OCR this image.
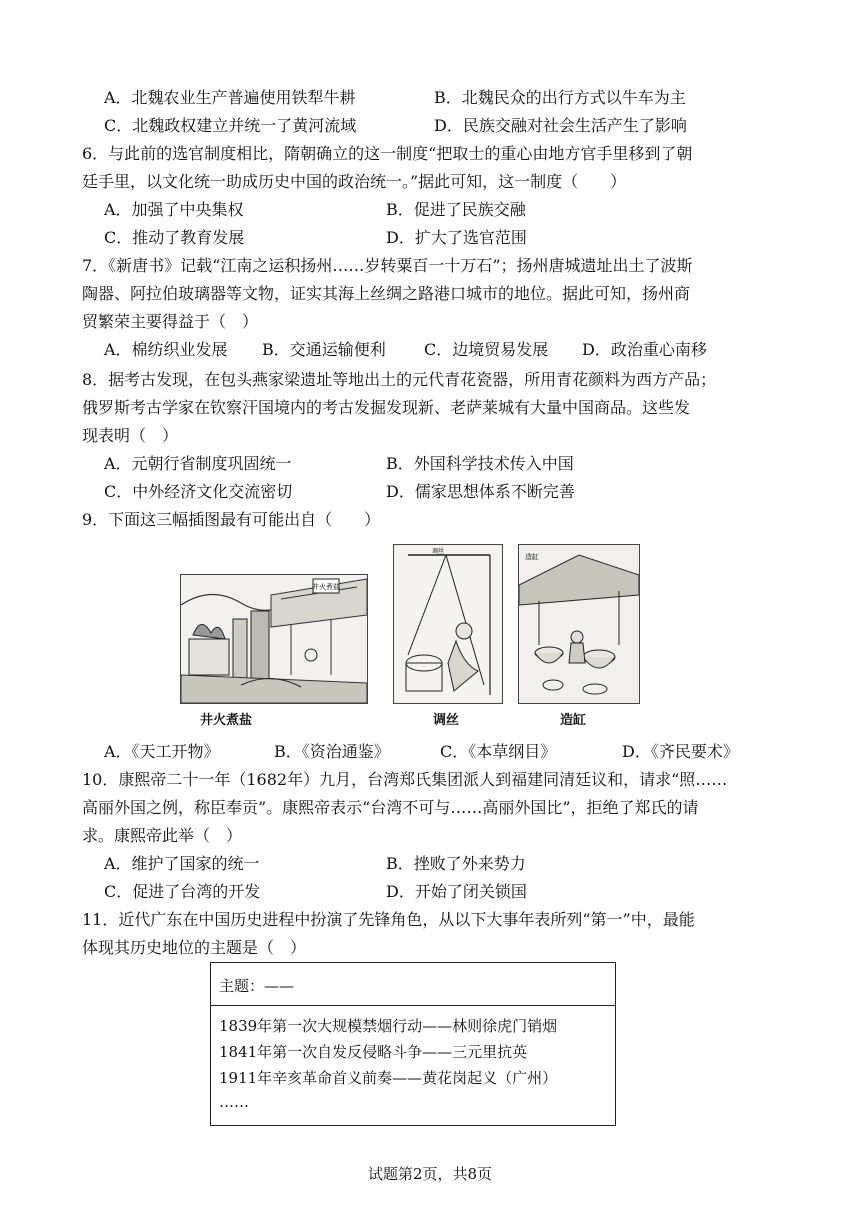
A．北魏农业生产普遍使用铁犁牛耕	B．北魏民众的出行方式以牛车为主
C．北魏政权建立并统一了黄河流域	D．民族交融对社会生活产生了影响
6．与此前的选官制度相比，隋朝确立的这一制度“把取士的重心由地方官手里移到了朝
廷手里，以文化统一助成历史中国的政治统一。”据此可知，这一制度（　　）
A．加强了中央集权	B．促进了民族交融
C．推动了教育发展	D．扩大了选官范围
7．《新唐书》记载“江南之运积扬州……岁转粟百一十万石”；扬州唐城遗址出土了波斯
陶器、阿拉伯玻璃器等文物，证实其海上丝绸之路港口城市的地位。据此可知，扬州商
贸繁荣主要得益于（　）
A．棉纺织业发展 B．交通运输便利 C．边境贸易发展 D．政治重心南移
8．据考古发现，在包头燕家梁遗址等地出土的元代青花瓷器，所用青花颜料为西方产品；
俄罗斯考古学家在钦察汗国境内的考古发掘发现新、老萨莱城有大量中国商品。这些发
现表明（　）
A．元朝行省制度巩固统一	B．外国科学技术传入中国
C．中外经济文化交流密切	D．儒家思想体系不断完善
9．下面这三幅插图最有可能出自（　　）
井火煮盐
井火煮盐
调丝
调丝
造缸
造缸
A．《天工开物》	B．《资治通鉴》	C．《本草纲目》	D．《齐民要术》
10．康熙帝二十一年（1682年）九月，台湾郑氏集团派人到福建同清廷议和，请求“照……
高丽外国之例，称臣奉贡”。康熙帝表示“台湾不可与……高丽外国比”，拒绝了郑氏的请
求。康熙帝此举（　）
A．维护了国家的统一	B．挫败了外来势力
C．促进了台湾的开发	D．开始了闭关锁国
11．近代广东在中国历史进程中扮演了先锋角色，从以下大事年表所列“第一”中，最能
体现其历史地位的主题是（　）
主题：——
1839年第一次大规模禁烟行动——林则徐虎门销烟
1841年第一次自发反侵略斗争——三元里抗英
1911年辛亥革命首义前奏——黄花岗起义（广州）
……
试题第2页，共8页
